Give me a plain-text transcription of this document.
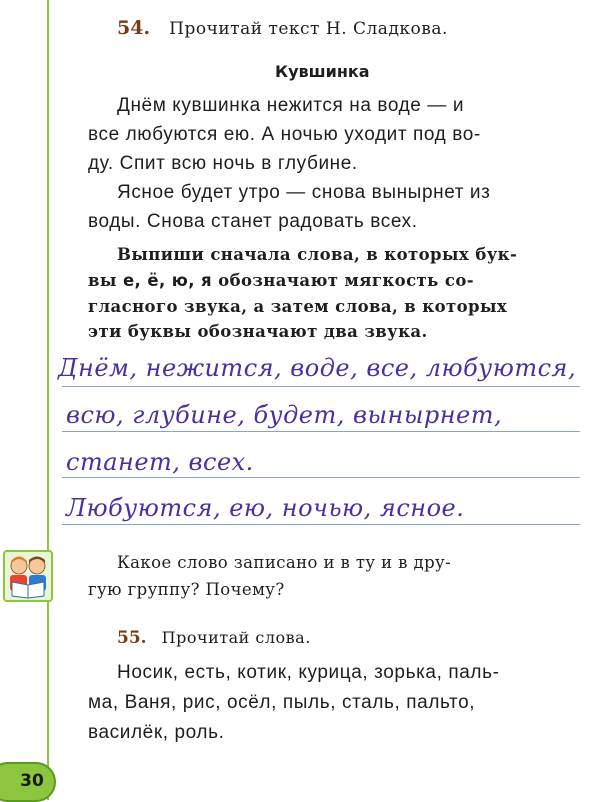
54. Прочитай текст Н. Сладкова.
Кувшинка
Днём кувшинка нежится на воде — и
все любуются ею. А ночью уходит под во-
ду. Спит всю ночь в глубине.
Ясное будет утро — снова вынырнет из
воды. Снова станет радовать всех.
Выпиши сначала слова, в которых бук-
вы е, ё, ю, я обозначают мягкость со-
гласного звука, а затем слова, в которых
эти буквы обозначают два звука.
Днём, нежится, воде, все, любуются,
всю, глубине, будет, вынырнет,
станет, всех.
Любуются, ею, ночью, ясное.
Какое слово записано и в ту и в дру-
гую группу? Почему?
55. Прочитай слова.
Носик, есть, котик, курица, зорька, паль-
ма, Ваня, рис, осёл, пыль, сталь, пальто,
василёк, роль.
30
